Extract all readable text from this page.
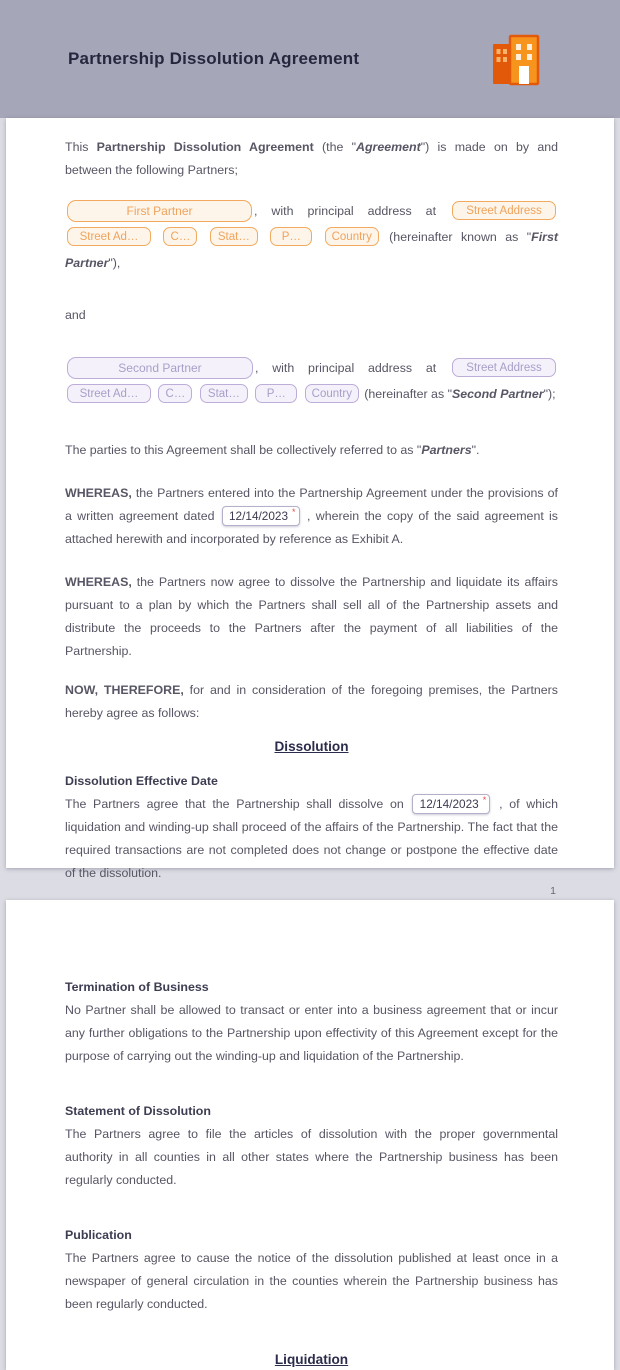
Partnership Dissolution Agreement
This Partnership Dissolution Agreement (the "Agreement") is made on by and between the following Partners;
First Partner	, with principal address at Street Address

Street Ad…
	C…
Stat…
	P…
	Country (hereinafter known as "First Partner"),
and
Second Partner	, with principal address at Street Address

Street Ad…
C…
Stat…
P…
Country (hereinafter as "Second Partner");
The parties to this Agreement shall be collectively referred to as "Partners".
WHEREAS, the Partners entered into the Partnership Agreement under the provisions of a written agreement dated 12/14/2023 * , wherein the copy of the said agreement is attached herewith and incorporated by reference as Exhibit A.
WHEREAS, the Partners now agree to dissolve the Partnership and liquidate its affairs pursuant to a plan by which the Partners shall sell all of the Partnership assets and distribute the proceeds to the Partners after the payment of all liabilities of the Partnership.
NOW, THEREFORE, for and in consideration of the foregoing premises, the Partners hereby agree as follows:
Dissolution
Dissolution Effective Date
The Partners agree that the Partnership shall dissolve on 12/14/2023 * , of which liquidation and winding-up shall proceed of the affairs of the Partnership. The fact that the required transactions are not completed does not change or postpone the effective date of the dissolution.
1
Termination of Business
No Partner shall be allowed to transact or enter into a business agreement that or incur any further obligations to the Partnership upon effectivity of this Agreement except for the purpose of carrying out the winding-up and liquidation of the Partnership.
Statement of Dissolution
The Partners agree to file the articles of dissolution with the proper governmental authority in all counties in all other states where the Partnership business has been regularly conducted.
Publication
The Partners agree to cause the notice of the dissolution published at least once in a newspaper of general circulation in the counties wherein the Partnership business has been regularly conducted.
Liquidation
